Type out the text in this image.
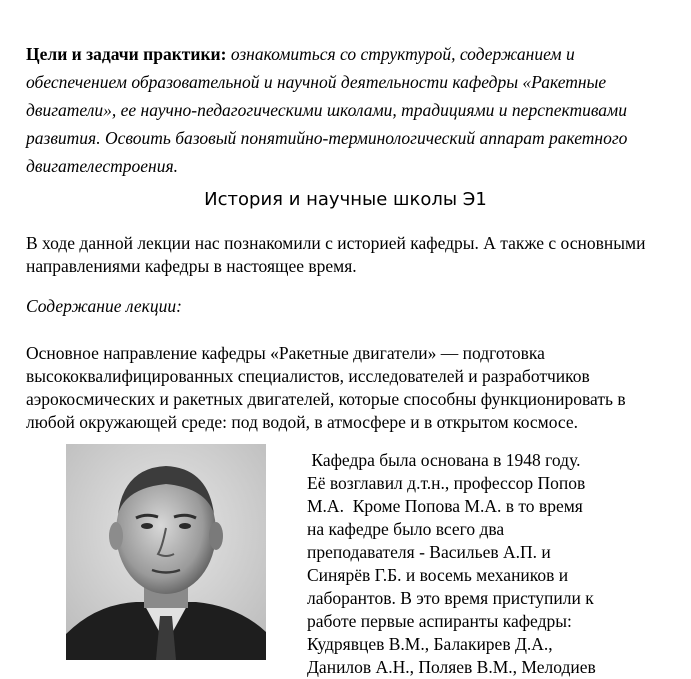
Цели и задачи практики: ознакомиться со структурой, содержанием и обеспечением образовательной и научной деятельности кафедры «Ракетные двигатели», ее научно-педагогическими школами, традициями и перспективами развития. Освоить базовый понятийно-терминологический аппарат ракетного двигателестроения.

История и научные школы Э1

В ходе данной лекции нас познакомили с историей кафедры. А также с основными направлениями кафедры в настоящее время.

Содержание лекции:

Основное направление кафедры «Ракетные двигатели» — подготовка высококвалифицированных специалистов, исследователей и разработчиков аэрокосмических и ракетных двигателей, которые способны функционировать в любой окружающей среде: под водой, в атмосфере и в открытом космосе.

Кафедра была основана в 1948 году.
Её возглавил д.т.н., профессор Попов
М.А.  Кроме Попова М.А. в то время
на кафедре было всего два
преподавателя - Васильев А.П. и
Синярёв Г.Б. и восемь механиков и
лаборантов. В это время приступили к
работе первые аспиранты кафедры:
Кудрявцев В.М., Балакирев Д.А.,
Данилов А.Н., Поляев В.М., Мелодиев
